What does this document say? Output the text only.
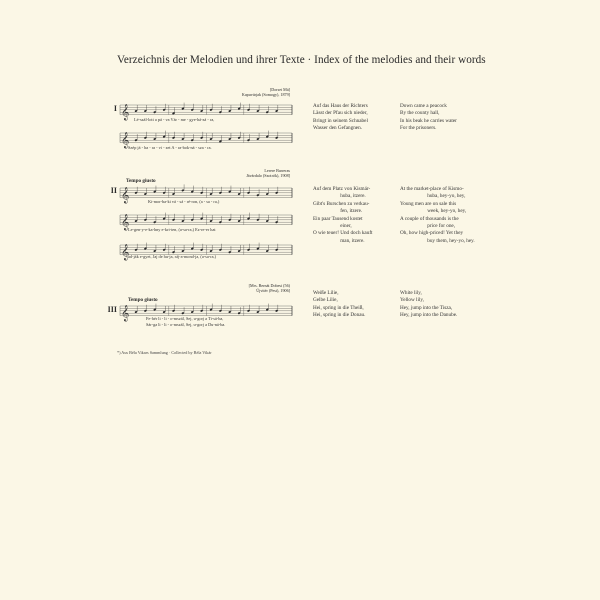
Verzeichnis der Melodien und ihrer Texte · Index of the melodies and their words
I
[Dorset Mä]
Kapuvárjak (Somogy), 1879]
𝄞 Lé-szál-lott a pá - va Vár - me - gye-há-zá - ra,
𝄞
Szép já - ba - ra - vi - zet A - ra-bok-ná - sza - ra.
Auf das Haus der Richters
Lässt der Pfau sich nieder,
Bringt in seinem Schnabel
Wasser den Gefangnen.
Down came a peacock
By the county hall,
In his beak he carries water
For the prisoners.
Lerere Barreras
Jávárdalo (Szotrók), 1908]
Tempo giusto
II 𝄞	Ki-mor-ba-ki vá - sá - ré-ron, (a - sa - ra,)
𝄞
Le-gen-y-e-ka-hny e-kri-ten, (a-sa-ra,) Ez-re-er hat
𝄞
ad-ják e-gyet, Jaj de hu-ja, ráj-a-mond-ja, (a-sa-ra,)
Auf dem Platz von Kismár-
huba, itzere.
Gibt's Burschen zu verkau-
fen, itzere.
Ein paar Tausend kostet
einer,
O wie teuer! Und doch kauft
man, itzere.
At the market-place of Kismo-
huba, hey-yo, hey,
Young men are on sale this
week, hey-yo, hey,
A couple of thousands is the
price for one,
Oh, how high-priced! Yet they
buy them, hey-yo, hey.
[Mrs. Bernát Dobesi (56)
Újvitér (Pest), 1906]
Tempo giusto
III 𝄞	Fe-hér li - li - o-mszál, Sej, u-gorj a Ti-sá-ba,
Sár-ga li - li - o-mszál, Sej, u-gorj a Du-ná-ba.
Weiße Lilie,
Gelbe Lilie,
Hei, spring in die Theiß,
Hei, spring in die Donau.
White lily,
Yellow lily,
Hey, jump into the Tisza,
Hey, jump into the Danube.
*) Aus Béla Vikars Sammlung · Collected by Béla Vikár
